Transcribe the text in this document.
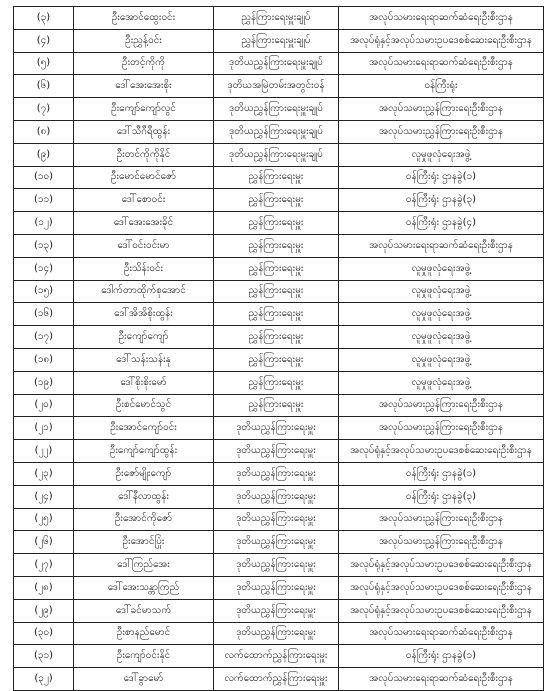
(၃)	ဦးအောင်ထွေးဝင်း	ညွှန်ကြားရေးမှူးချုပ်	အလုပ်သမားရေးရာဆက်ဆံရေးဦးစီးဌာန
(၄)	ဦးညွှန့်ဝင်း	ညွှန်ကြားရေးမှူးချုပ်	အလုပ်ရုံနှင့်အလုပ်သမားဥပဒေစစ်ဆေးရေးဦးစီးဌာန
(၅)	ဦးတင့်ကိုကို	ဒုတိယညွှန်ကြားရေးမှူးချုပ်	အလုပ်သမားရေးရာဆက်ဆံရေးဦးစီးဌာန
(၆)	ဒေါ်အေးအေးစိုး	ဒုတိယအမြဲတမ်းအတွင်းဝန်	ဝန်ကြီးရုံး
(၇)	ဦးကျော်ကျော်လွင်	ဒုတိယညွှန်ကြားရေးမှူးချုပ်	အလုပ်သမားညွှန်ကြားရေးဦးစီးဌာန
(၈)	ဒေါ်သီဂီရီထွန်း	ဒုတိယညွှန်ကြားရေးမှူးချုပ်	အလုပ်သမားညွှန်ကြားရေးဦးစီးဌာန
(၉)	ဦးတင်ကိုကိုနိုင်	ဒုတိယညွှန်ကြားရေးမှူးချုပ်	လူမှုဖူလုံရေးအဖွဲ့
(၁၀)	ဦးမောင်မောင်ဇော်	ညွှန်ကြားရေးမှူး	ဝန်ကြီးရုံး ဌာနခွဲ(၁)
(၁၁)	ဒေါ်စောဝင်း	ညွှန်ကြားရေးမှူး	ဝန်ကြီးရုံး ဌာနခွဲ(၃)
(၁၂)	ဒေါ်အေးအေးခိုင်	ညွှန်ကြားရေးမှူး	ဝန်ကြီးရုံး ဌာနခွဲ(၄)
(၁၃)	ဒေါ်ဝင်းဝင်းမာ	ညွှန်ကြားရေးမှူး	အလုပ်သမားရေးရာဆက်ဆံရေးဦးစီးဌာန
(၁၄)	ဦးသိန်းဝင်း	ညွှန်ကြားရေးမှူး	လူမှုဖူလုံရေးအဖွဲ့
(၁၅)	ဒေါက်တာထိုက်စုအောင်	ညွှန်ကြားရေးမှူး	လူမှုဖူလုံရေးအဖွဲ့
(၁၆)	ဒေါ်အိအိစိုးထွန်း	ညွှန်ကြားရေးမှူး	လူမှုဖူလုံရေးအဖွဲ့
(၁၇)	ဦးကျော်ကျော်	ညွှန်ကြားရေးမှူး	လူမှုဖူလုံရေးအဖွဲ့
(၁၈)	ဒေါ်သန်းသန်းနု	ညွှန်ကြားရေးမှူး	လူမှုဖူလုံရေးအဖွဲ့
(၁၉)	ဒေါ်စိုးစိုးမော်	ညွှန်ကြားရေးမှူး	လူမှုဖူလုံရေးအဖွဲ့
(၂၀)	ဦးစင်မောင်သွင်	ညွှန်ကြားရေးမှူး	အလုပ်သမားညွှန်ကြားရေးဦးစီးဌာန
(၂၁)	ဦးအောင်ကျော်ဝင်း	ဒုတိယညွှန်ကြားရေးမှူး	အလုပ်သမားညွှန်ကြားရေးဦးစီးဌာန
(၂၂)	ဦးကျော်ကျော်ထွန်း	ဒုတိယညွှန်ကြားရေးမှူး	အလုပ်ရုံနှင့်အလုပ်သမားဥပဒေစစ်ဆေးရေးဦးစီးဌာန
(၂၃)	ဦးဇော်မျိုးကျော်	ဒုတိယညွှန်ကြားရေးမှူး	ဝန်ကြီးရုံး ဌာနခွဲ(၁)
(၂၄)	ဒေါ်နီလာထွန်း	ဒုတိယညွှန်ကြားရေးမှူး	ဝန်ကြီးရုံး ဌာနခွဲ(၃)
(၂၅)	ဦးအောင်ကိုဇော်	ဒုတိယညွှန်ကြားရေးမှူး	အလုပ်သမားညွှန်ကြားရေးဦးစီးဌာန
(၂၆)	ဦးအောင်ပြုံး	ဒုတိယညွှန်ကြားရေးမှူး	အလုပ်သမားညွှန်ကြားရေးဦးစီးဌာန
(၂၇)	ဒေါ်ကြည်အေး	ဒုတိယညွှန်ကြားရေးမှူး	အလုပ်ရုံနှင့်အလုပ်သမားဥပဒေစစ်ဆေးရေးဦးစီးဌာန
(၂၈)	ဒေါ်အေးသန္တာကြည်	ဒုတိယညွှန်ကြားရေးမှူး	အလုပ်ရုံနှင့်အလုပ်သမားဥပဒေစစ်ဆေးရေးဦးစီးဌာန
(၂၉)	ဒေါ်ခင်မာသက်	ဒုတိယညွှန်ကြားရေးမှူး	အလုပ်ရုံနှင့်အလုပ်သမားဥပဒေစစ်ဆေးရေးဦးစီးဌာန
(၃၀)	ဦးစာနည်မောင်	ဒုတိယညွှန်ကြားရေးမှူး	အလုပ်သမားရေးရာဆက်ဆံရေးဦးစီးဌာန
(၃၁)	ဦးကျော်ဝင်းနိုင်	လက်ထောက်ညွှန်ကြားရေးမှူး	ဝန်ကြီးရုံး ဌာနခွဲ(၁)
(၃၂)	ဒေါ်ခွာမော်	လက်ထောက်ညွှန်ကြားရေးမှူး	အလုပ်သမားရေးရာဆက်ဆံရေးဦးစီးဌာန
